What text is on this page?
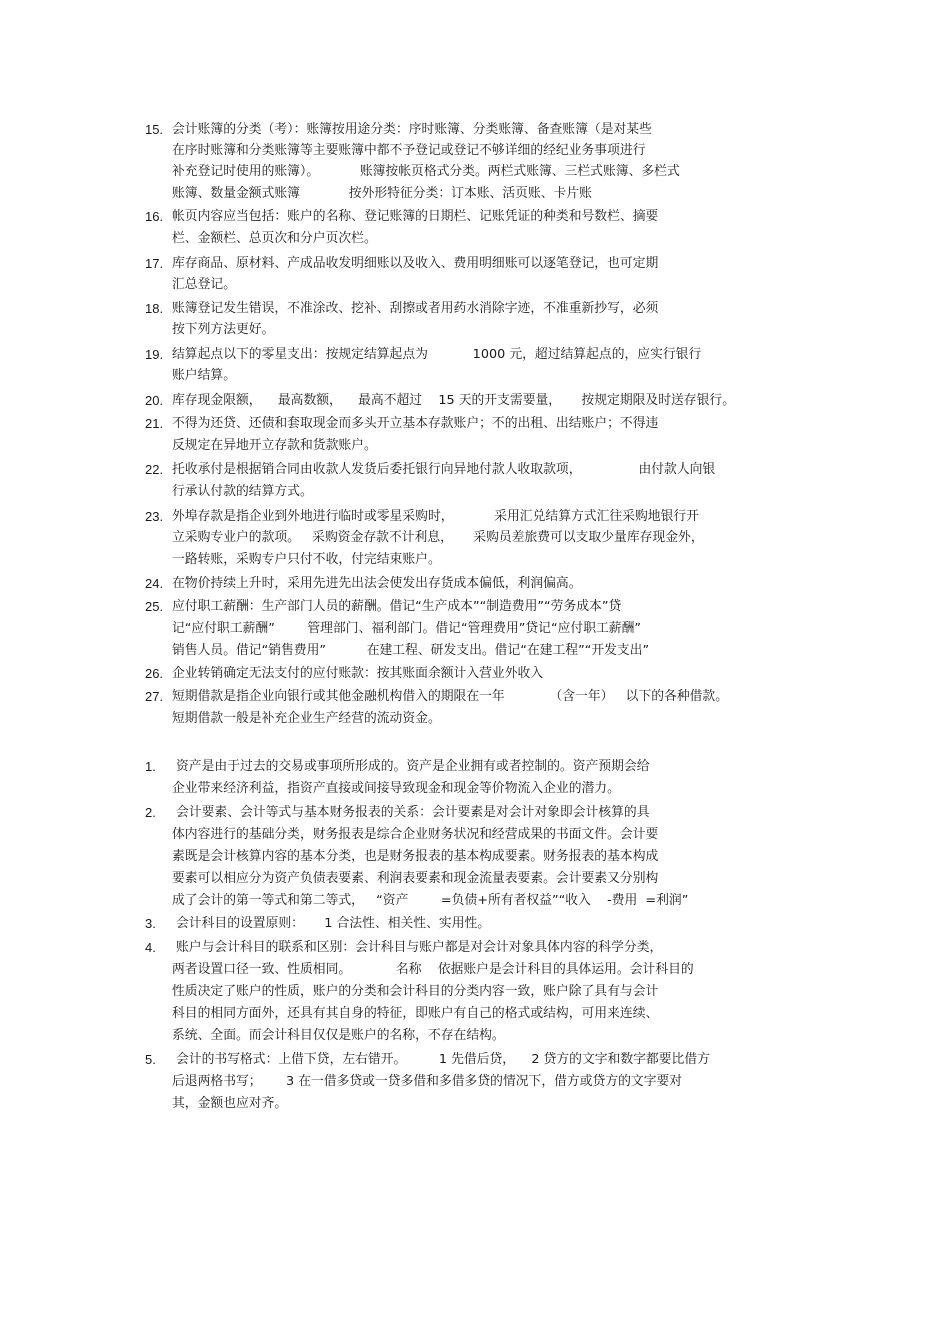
15. 会计账簿的分类（考）：账簿按用途分类：序时账簿、分类账簿、备查账簿（是对某些
在序时账簿和分类账簿等主要账簿中都不予登记或登记不够详细的经纪业务事项进行
补充登记时使用的账簿）。          账簿按帐页格式分类。两栏式账簿、三栏式账簿、多栏式
账簿、数量金额式账簿            按外形特征分类：订本账、活页账、卡片账
16. 帐页内容应当包括：账户的名称、登记账簿的日期栏、记账凭证的种类和号数栏、摘要
栏、金额栏、总页次和分户页次栏。
17. 库存商品、原材料、产成品收发明细账以及收入、费用明细账可以逐笔登记，也可定期
汇总登记。
18. 账簿登记发生错误，不准涂改、挖补、刮擦或者用药水消除字迹，不准重新抄写，必须
按下列方法更好。
19. 结算起点以下的零星支出：按规定结算起点为           1000 元，超过结算起点的，应实行银行
账户结算。
20. 库存现金限额，    最高数额，    最高不超过    15 天的开支需要量，     按规定期限及时送存银行。
21. 不得为还贷、还债和套取现金而多头开立基本存款账户；不的出租、出结账户；不得违
反规定在异地开立存款和货款账户。
22. 托收承付是根据销合同由收款人发货后委托银行向异地付款人收取款项，              由付款人向银
行承认付款的结算方式。
23. 外埠存款是指企业到外地进行临时或零星采购时，          采用汇兑结算方式汇往采购地银行开
立采购专业户的款项。   采购资金存款不计利息，     采购员差旅费可以支取少量库存现金外，
一路转账，采购专户只付不收，付完结束账户。
24. 在物价持续上升时，采用先进先出法会使发出存货成本偏低，利润偏高。
25. 应付职工薪酬：生产部门人员的薪酬。借记“生产成本”“制造费用”“劳务成本”贷
记“应付职工薪酬”        管理部门、福利部门。借记“管理费用”贷记“应付职工薪酬”
销售人员。借记“销售费用”          在建工程、研发支出。借记“在建工程”“开发支出”
26. 企业转销确定无法支付的应付账款：按其账面余额计入营业外收入
27. 短期借款是指企业向银行或其他金融机构借入的期限在一年           （含一年）   以下的各种借款。
短期借款一般是补充企业生产经营的流动资金。
1. 资产是由于过去的交易或事项所形成的。资产是企业拥有或者控制的。资产预期会给
企业带来经济利益，指资产直接或间接导致现金和现金等价物流入企业的潜力。
2. 会计要素、会计等式与基本财务报表的关系：会计要素是对会计对象即会计核算的具
体内容进行的基础分类，财务报表是综合企业财务状况和经营成果的书面文件。会计要
素既是会计核算内容的基本分类，也是财务报表的基本构成要素。财务报表的基本构成
要素可以相应分为资产负债表要素、利润表要素和现金流量表要素。会计要素又分别构
成了会计的第一等式和第二等式，   “资产        =负债+所有者权益”“收入    -费用  =利润”
3. 会计科目的设置原则：     1 合法性、相关性、实用性。
4. 账户与会计科目的联系和区别：会计科目与账户都是对会计对象具体内容的科学分类，
两者设置口径一致、性质相同。           名称    依据账户是会计科目的具体运用。会计科目的
性质决定了账户的性质，账户的分类和会计科目的分类内容一致，账户除了具有与会计
科目的相同方面外，还具有其自身的特征，即账户有自己的格式或结构，可用来连续、
系统、全面。而会计科目仅仅是账户的名称，不存在结构。
5. 会计的书写格式：上借下贷，左右错开。        1 先借后贷，    2 贷方的文字和数字都要比借方
后退两格书写；      3 在一借多贷或一贷多借和多借多贷的情况下，借方或贷方的文字要对
其，金额也应对齐。
